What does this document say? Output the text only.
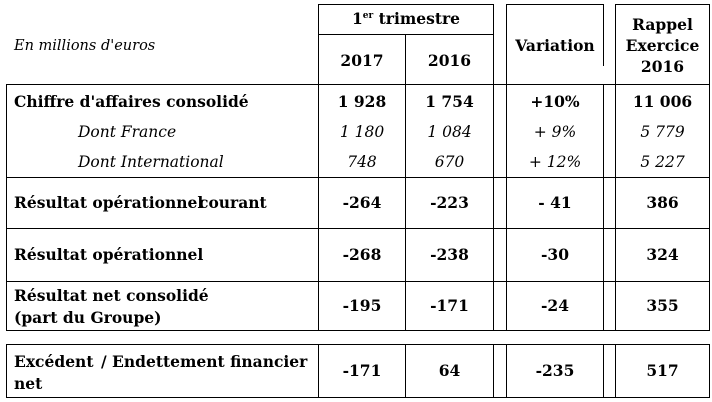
En millions d'euros
1er trimestre
2017	2016
Variation
Rappel
Exercice
2016
Chiffre d'affaires consolidé	1 928	1 754	+10%	11 006
Dont France	1 180	1 084	+ 9%	5 779
Dont International	748	670	+ 12%	5 227
Résultat opérationnel
courant	-264	-223	- 41	386
Résultat opérationnel	-268	-238	-30	324
Résultat net consolidé
(part du Groupe)
-195	-171	-24	355
Excédent / Endettement financier
net
-171	64	-235	517
